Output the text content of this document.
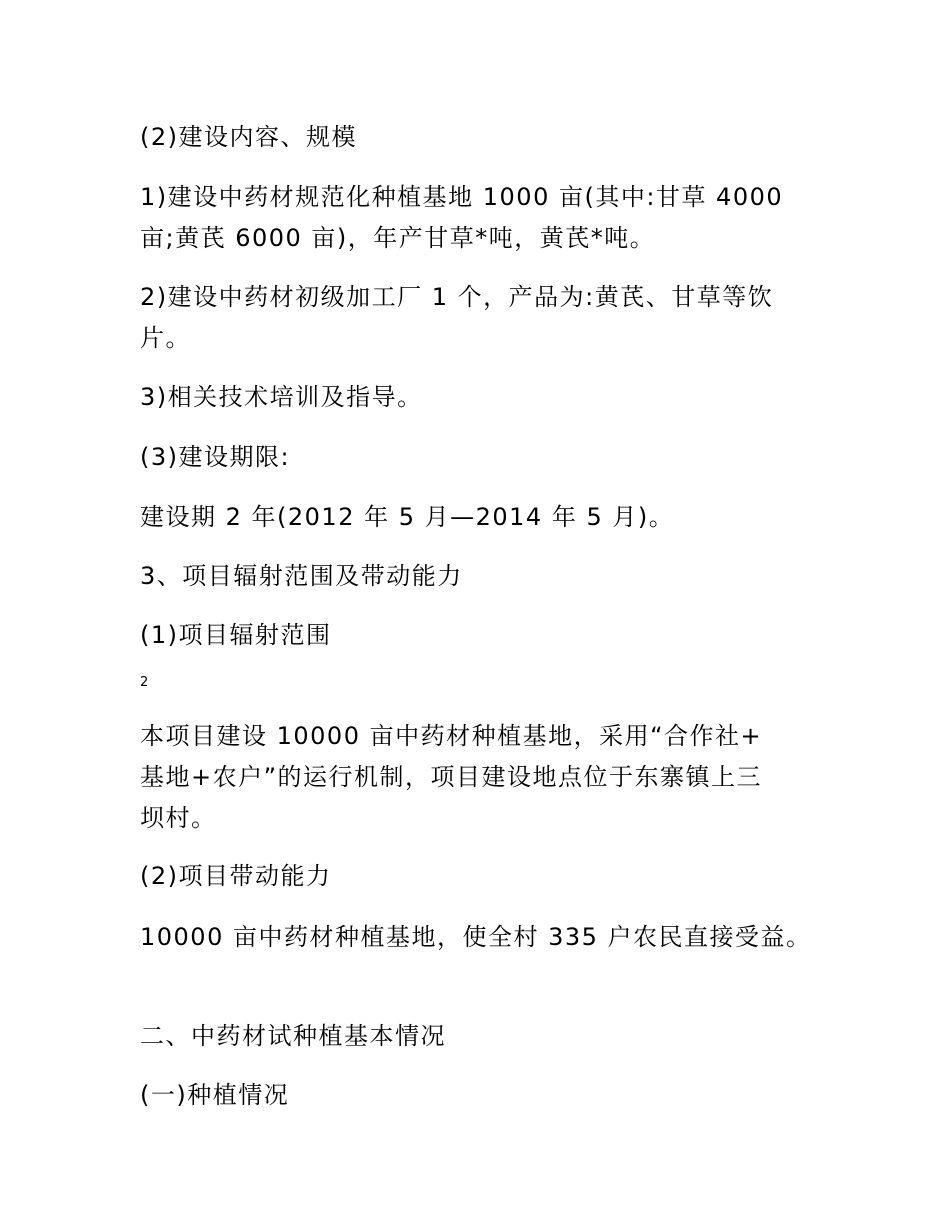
(2)建设内容、规模
1)建设中药材规范化种植基地 1000 亩(其中:甘草 4000
亩;黄芪 6000 亩)，年产甘草*吨，黄芪*吨。
2)建设中药材初级加工厂 1 个，产品为:黄芪、甘草等饮
片。
3)相关技术培训及指导。
(3)建设期限:
建设期 2 年(2012 年 5 月—2014 年 5 月)。
3、项目辐射范围及带动能力
(1)项目辐射范围
2
本项目建设 10000 亩中药材种植基地，采用“合作社+
基地+农户”的运行机制，项目建设地点位于东寨镇上三
坝村。
(2)项目带动能力
10000 亩中药材种植基地，使全村 335 户农民直接受益。
二、中药材试种植基本情况
(一)种植情况
